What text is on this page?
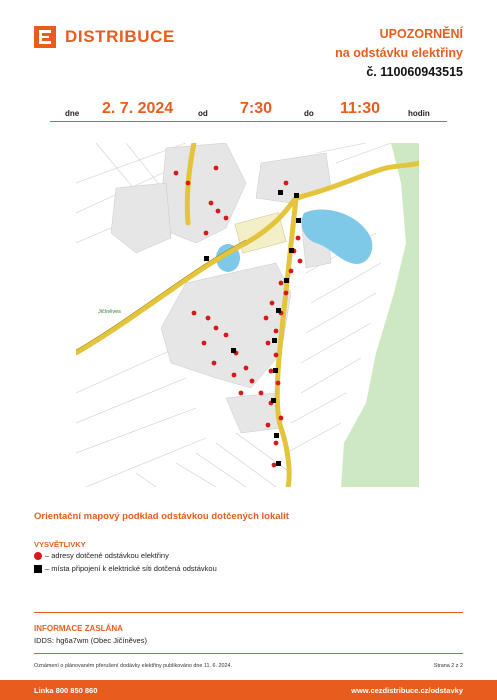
DISTRIBUCE	UPOZORNĚNÍ
na odstávku elektřiny
č. 110060943515
dne 2. 7. 2024	od 7:30	do 11:30	hodin
Jičíněves
Orientační mapový podklad odstávkou dotčených lokalit
VYSVĚTLIVKY
– adresy dotčené odstávkou elektřiny
– místa připojení k elektrické síti dotčená odstávkou
INFORMACE ZASLÁNA
IDDS: hg6a7wm (Obec Jičíněves)
Oznámení o plánovaném přerušení dodávky elektřiny publikováno dne 11. 6. 2024.	Strana 2 z 2
Linka 800 850 860	www.cezdistribuce.cz/odstavky
